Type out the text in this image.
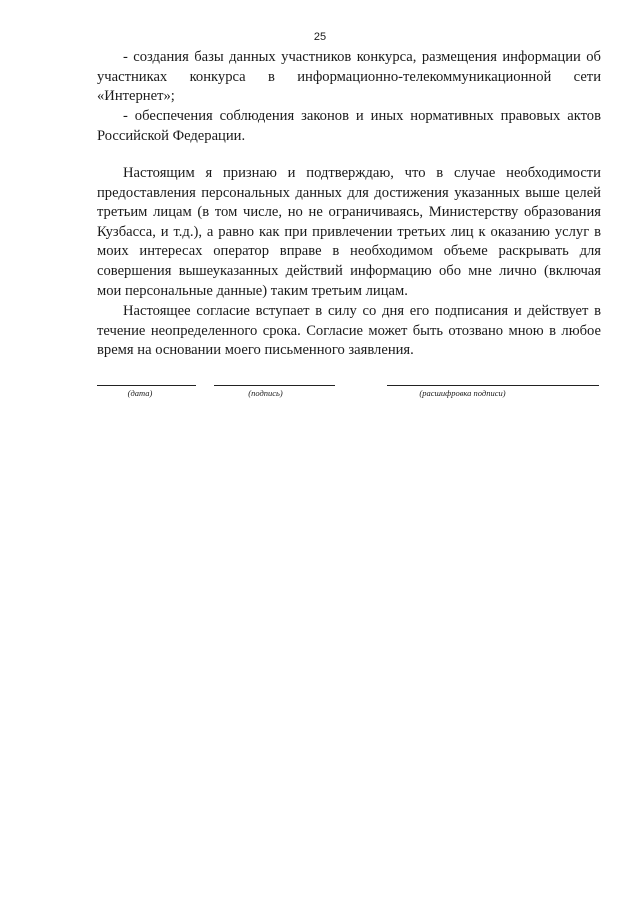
25

- создания базы данных участников конкурса, размещения информации об участниках конкурса в информационно-телекоммуникационной сети «Интернет»;

- обеспечения соблюдения законов и иных нормативных правовых актов Российской Федерации.

Настоящим я признаю и подтверждаю, что в случае необходимости предоставления персональных данных для достижения указанных выше целей третьим лицам (в том числе, но не ограничиваясь, Министерству образования Кузбасса, и т.д.), а равно как при привлечении третьих лиц к оказанию услуг в моих интересах оператор вправе в необходимом объеме раскрывать для совершения вышеуказанных действий информацию обо мне лично (включая мои персональные данные) таким третьим лицам.

Настоящее согласие вступает в силу со дня его подписания и действует в течение неопределенного срока. Согласие может быть отозвано мною в любое время на основании моего письменного заявления.

(дата)	(подпись)	(расшифровка подписи)
